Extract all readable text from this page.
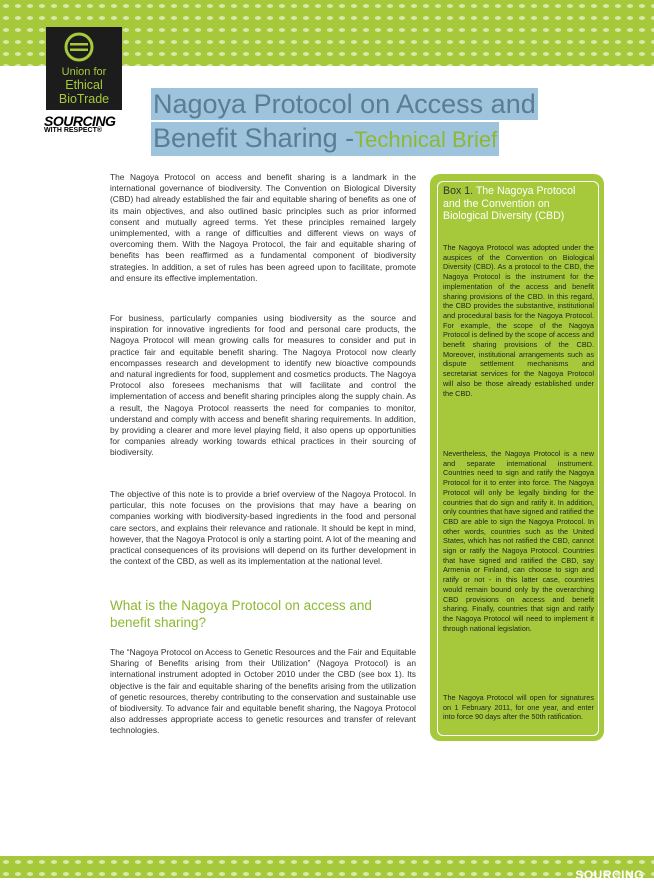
Union for
Ethical
BioTrade
SOURCING
WITH RESPECT®
Nagoya Protocol on Access and
Benefit Sharing -Technical Brief
The Nagoya Protocol on access and benefit sharing is a landmark in the international governance of biodiversity. The Convention on Biological Diversity (CBD) had already established the fair and equitable sharing of benefits as one of its main objectives, and also outlined basic principles such as prior informed consent and mutually agreed terms. Yet these principles remained largely unimplemented, with a range of difficulties and different views on ways of overcoming them. With the Nagoya Protocol, the fair and equitable sharing of benefits has been reaffirmed as a fundamental component of biodiversity strategies. In addition, a set of rules has been agreed upon to facilitate, promote and ensure its effective implementation.
For business, particularly companies using biodiversity as the source and inspiration for innovative ingredients for food and personal care products, the Nagoya Protocol will mean growing calls for measures to consider and put in practice fair and equitable benefit sharing. The Nagoya Protocol now clearly encompasses research and development to identify new bioactive compounds and natural ingredients for food, supplement and cosmetics products. The Nagoya Protocol also foresees mechanisms that will facilitate and control the implementation of access and benefit sharing principles along the supply chain. As a result, the Nagoya Protocol reasserts the need for companies to monitor, understand and comply with access and benefit sharing requirements. In addition, by providing a clearer and more level playing field, it also opens up opportunities for companies already working towards ethical practices in their sourcing of biodiversity.
The objective of this note is to provide a brief overview of the Nagoya Protocol. In particular, this note focuses on the provisions that may have a bearing on companies working with biodiversity-based ingredients in the food and personal care sectors, and explains their relevance and rationale. It should be kept in mind, however, that the Nagoya Protocol is only a starting point. A lot of the meaning and practical consequences of its provisions will depend on its further development in the context of the CBD, as well as its implementation at the national level.
What is the Nagoya Protocol on access and benefit sharing?
The “Nagoya Protocol on Access to Genetic Resources and the Fair and Equitable Sharing of Benefits arising from their Utilization” (Nagoya Protocol) is an international instrument adopted in October 2010 under the CBD (see box 1). Its objective is the fair and equitable sharing of the benefits arising from the utilization of genetic resources, thereby contributing to the conservation and sustainable use of biodiversity. To advance fair and equitable benefit sharing, the Nagoya Protocol also addresses appropriate access to genetic resources and transfer of relevant technologies.
Box 1. The Nagoya Protocol and the Convention on Biological Diversity (CBD)
The Nagoya Protocol was adopted under the auspices of the Convention on Biological Diversity (CBD). As a protocol to the CBD, the Nagoya Protocol is the instrument for the implementation of the access and benefit sharing provisions of the CBD. In this regard, the CBD provides the substantive, institutional and procedural basis for the Nagoya Protocol. For example, the scope of the Nagoya Protocol is defined by the scope of access and benefit sharing provisions of the CBD. Moreover, institutional arrangements such as dispute settlement mechanisms and secretariat services for the Nagoya Protocol will also be those already established under the CBD.
Nevertheless, the Nagoya Protocol is a new and separate international instrument. Countries need to sign and ratify the Nagoya Protocol for it to enter into force. The Nagoya Protocol will only be legally binding for the countries that do sign and ratify it. In addition, only countries that have signed and ratified the CBD are able to sign the Nagoya Protocol. In other words, countries such as the United States, which has not ratified the CBD, cannot sign or ratify the Nagoya Protocol. Countries that have signed and ratified the CBD, say Armenia or Finland, can choose to sign and ratify or not - in this latter case, countries would remain bound only by the overarching CBD provisions on access and benefit sharing. Finally, countries that sign and ratify the Nagoya Protocol will need to implement it through national legislation.
The Nagoya Protocol will open for signatures on 1 February 2011, for one year, and enter into force 90 days after the 50th ratification.
SOURCING
